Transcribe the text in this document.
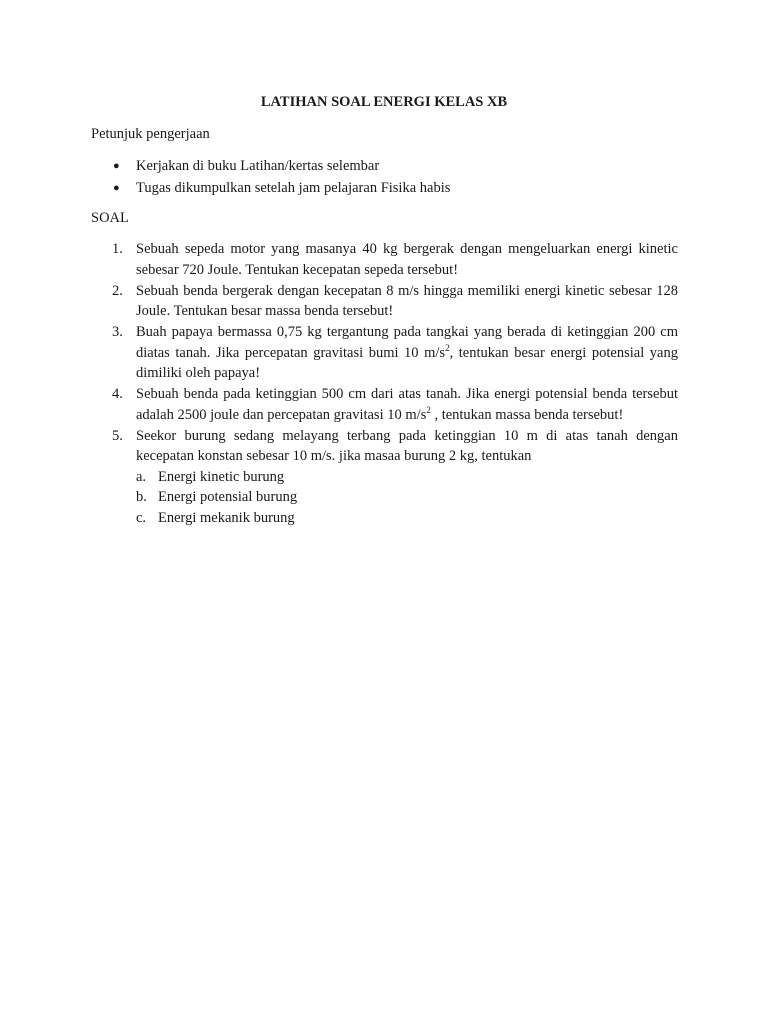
LATIHAN SOAL ENERGI KELAS XB
Petunjuk pengerjaan
● Kerjakan di buku Latihan/kertas selembar
● Tugas dikumpulkan setelah jam pelajaran Fisika habis
SOAL
1. Sebuah sepeda motor yang masanya 40 kg bergerak dengan mengeluarkan energi kinetic sebesar 720 Joule. Tentukan kecepatan sepeda tersebut!
2. Sebuah benda bergerak dengan kecepatan 8 m/s hingga memiliki energi kinetic sebesar 128 Joule. Tentukan besar massa benda tersebut!
3. Buah papaya bermassa 0,75 kg tergantung pada tangkai yang berada di ketinggian 200 cm diatas tanah. Jika percepatan gravitasi bumi 10 $m/s^2$, tentukan besar energi potensial yang dimiliki oleh papaya!
4. Sebuah benda pada ketinggian 500 cm dari atas tanah. Jika energi potensial benda tersebut adalah 2500 joule dan percepatan gravitasi 10 $m/s^2$ , tentukan massa benda tersebut!
5. Seekor burung sedang melayang terbang pada ketinggian 10 m di atas tanah dengan kecepatan konstan sebesar 10 m/s. jika masaa burung 2 kg, tentukan
a. Energi kinetic burung
b. Energi potensial burung
c. Energi mekanik burung
